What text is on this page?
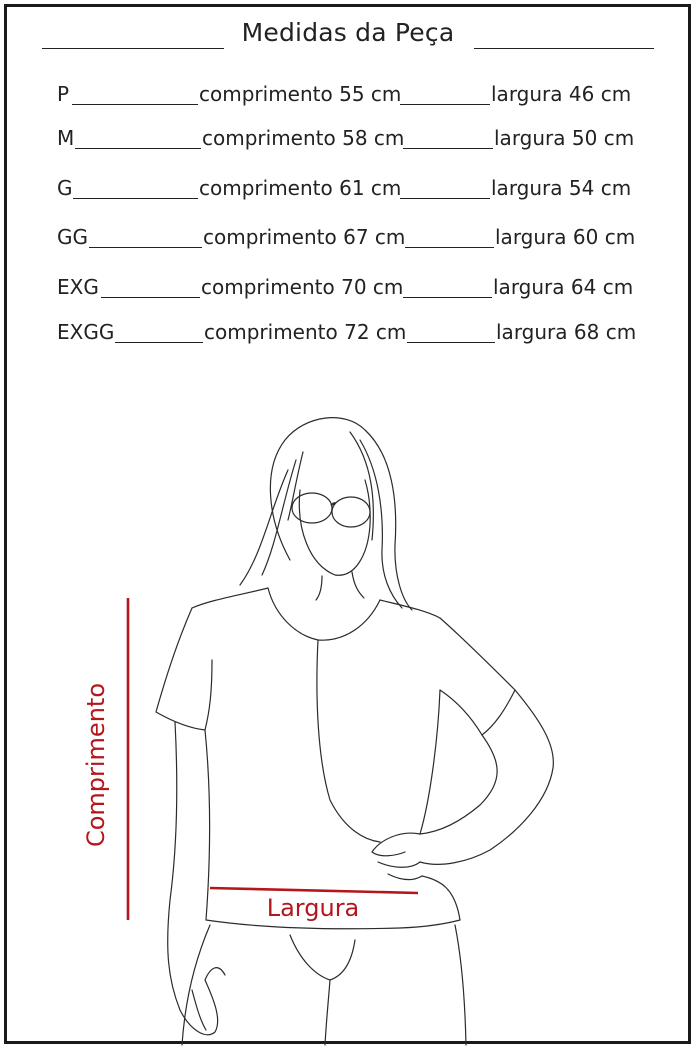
Medidas da Peça
P	comprimento 55 cm	largura 46 cm
M	comprimento 58 cm	largura 50 cm
G	comprimento 61 cm	largura 54 cm
GG	comprimento 67 cm	largura 60 cm
EXG	comprimento 70 cm	largura 64 cm
EXGG	comprimento 72 cm	largura 68 cm
Comprimento
Largura
